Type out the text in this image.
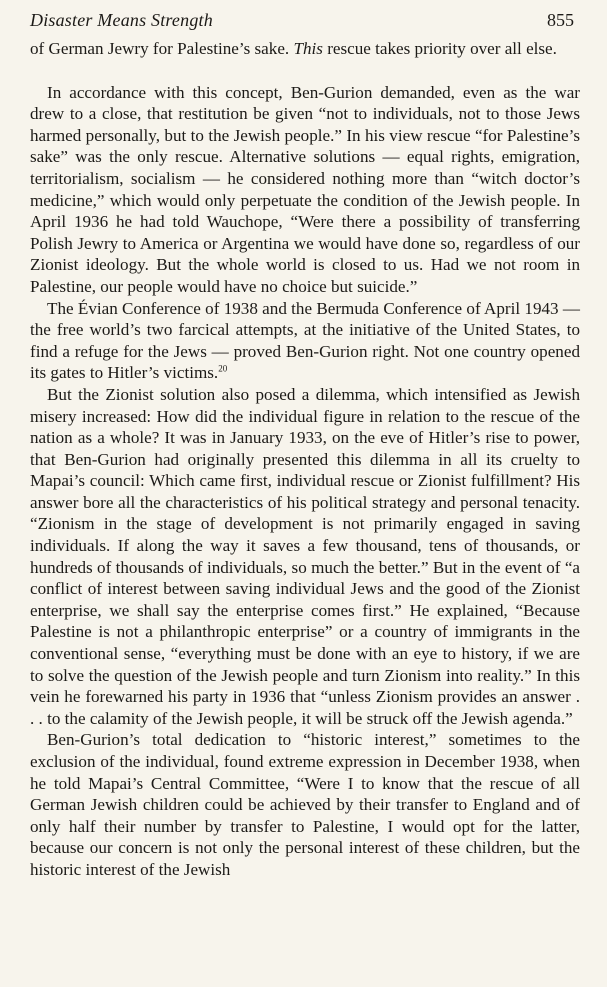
Disaster Means Strength	855

of German Jewry for Palestine’s sake. This rescue takes priority over all else.

In accordance with this concept, Ben-Gurion demanded, even as the war drew to a close, that restitution be given “not to individuals, not to those Jews harmed personally, but to the Jewish people.” In his view rescue “for Palestine’s sake” was the only rescue. Alternative solutions — equal rights, emigration, territorialism, socialism — he considered nothing more than “witch doctor’s medicine,” which would only perpetuate the condition of the Jewish people. In April 1936 he had told Wauchope, “Were there a possibility of transferring Polish Jewry to America or Argentina we would have done so, regardless of our Zionist ideology. But the whole world is closed to us. Had we not room in Palestine, our people would have no choice but suicide.”

The Évian Conference of 1938 and the Bermuda Conference of April 1943 — the free world’s two farcical attempts, at the initiative of the United States, to find a refuge for the Jews — proved Ben-Gurion right. Not one country opened its gates to Hitler’s victims.$^{20}$

But the Zionist solution also posed a dilemma, which intensified as Jewish misery increased: How did the individual figure in relation to the rescue of the nation as a whole? It was in January 1933, on the eve of Hitler’s rise to power, that Ben-Gurion had originally presented this dilemma in all its cruelty to Mapai’s council: Which came first, individual rescue or Zionist fulfillment? His answer bore all the characteristics of his political strategy and personal tenacity. “Zionism in the stage of development is not primarily engaged in saving individuals. If along the way it saves a few thousand, tens of thousands, or hundreds of thousands of individuals, so much the better.” But in the event of “a conflict of interest between saving individual Jews and the good of the Zionist enterprise, we shall say the enterprise comes first.” He explained, “Because Palestine is not a philanthropic enterprise” or a country of immigrants in the conventional sense, “everything must be done with an eye to history, if we are to solve the question of the Jewish people and turn Zionism into reality.” In this vein he forewarned his party in 1936 that “unless Zionism provides an answer . . . to the calamity of the Jewish people, it will be struck off the Jewish agenda.”

Ben-Gurion’s total dedication to “historic interest,” sometimes to the exclusion of the individual, found extreme expression in December 1938, when he told Mapai’s Central Committee, “Were I to know that the rescue of all German Jewish children could be achieved by their transfer to England and of only half their number by transfer to Palestine, I would opt for the latter, because our concern is not only the personal interest of these children, but the historic interest of the Jewish
